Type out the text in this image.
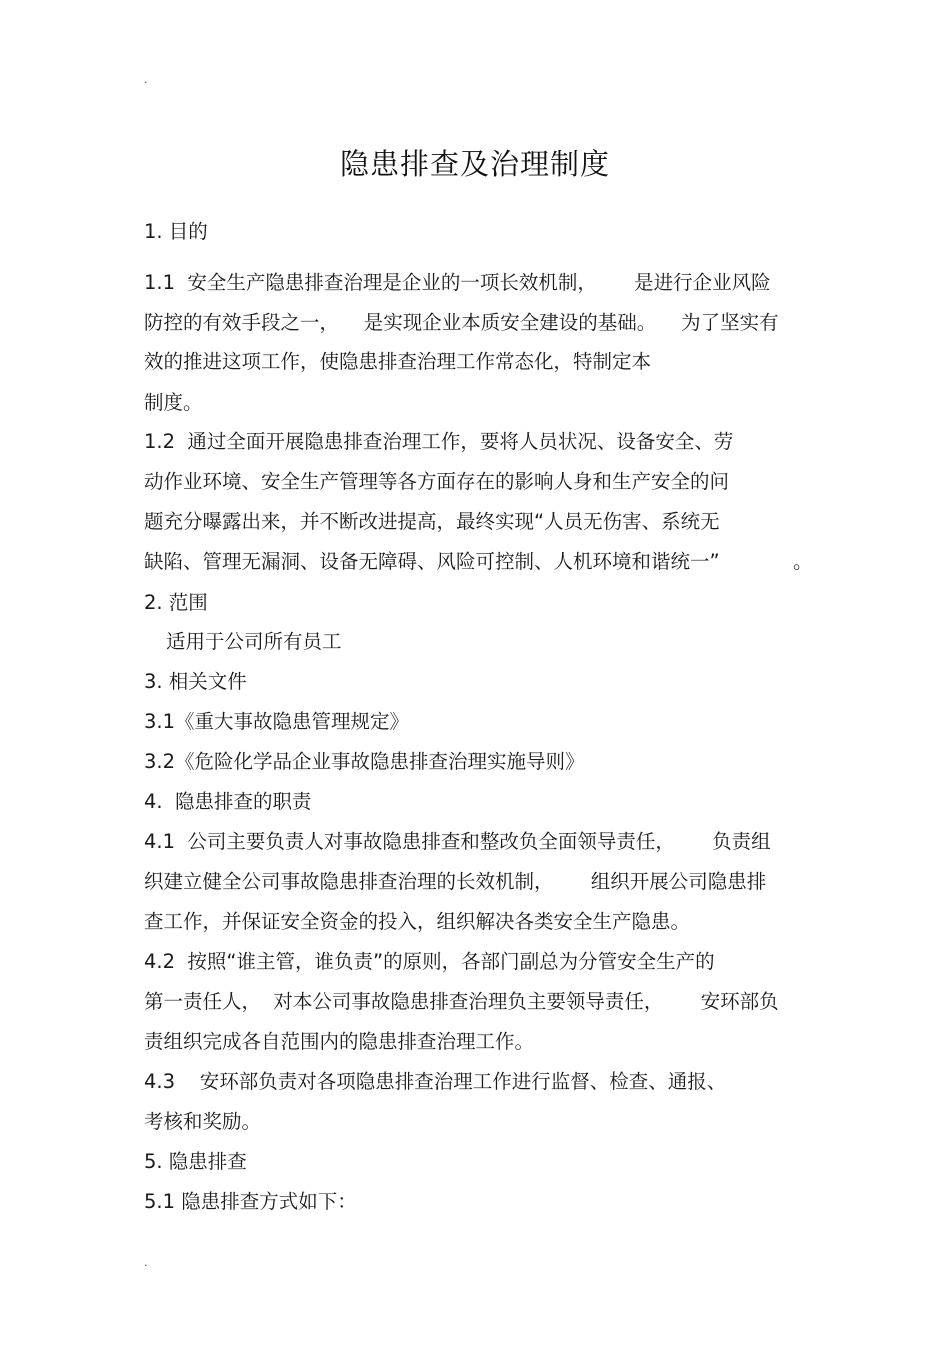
.
隐患排查及治理制度
1. 目的
1.1  安全生产隐患排查治理是企业的一项长效机制，      是进行企业风险
防控的有效手段之一，    是实现企业本质安全建设的基础。    为了坚实有
效的推进这项工作，使隐患排查治理工作常态化，特制定本
制度。
1.2  通过全面开展隐患排查治理工作，要将人员状况、设备安全、劳
动作业环境、安全生产管理等各方面存在的影响人身和生产安全的问
题充分曝露出来，并不断改进提高，最终实现“人员无伤害、系统无
缺陷、管理无漏洞、设备无障碍、风险可控制、人机环境和谐统一”	。
2. 范围
适用于公司所有员工
3. 相关文件
3.1《重大事故隐患管理规定》
3.2《危险化学品企业事故隐患排查治理实施导则》
4.  隐患排查的职责
4.1  公司主要负责人对事故隐患排查和整改负全面领导责任，      负责组
织建立健全公司事故隐患排查治理的长效机制，      组织开展公司隐患排
查工作，并保证安全资金的投入，组织解决各类安全生产隐患。
4.2  按照“谁主管，谁负责”的原则，各部门副总为分管安全生产的
第一责任人，  对本公司事故隐患排查治理负主要领导责任，      安环部负
责组织完成各自范围内的隐患排查治理工作。
4.3    安环部负责对各项隐患排查治理工作进行监督、检查、通报、
考核和奖励。
5. 隐患排查
5.1 隐患排查方式如下：
.
